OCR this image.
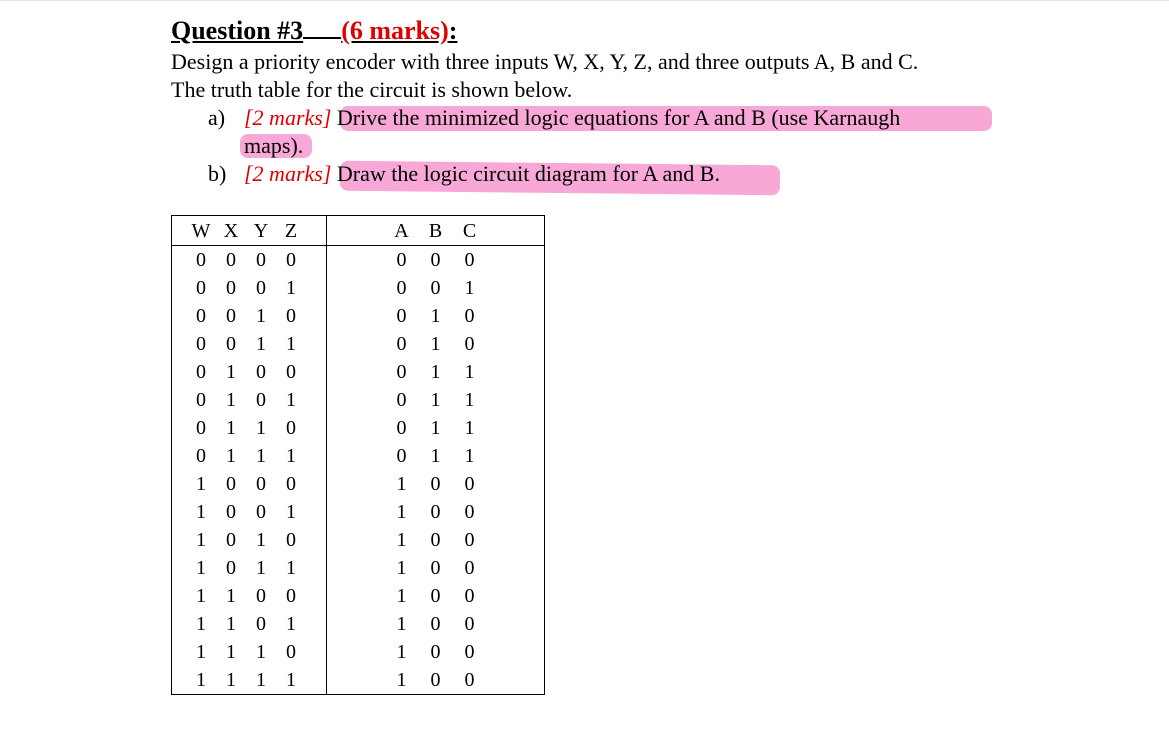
Question #3 (6 marks):
Design a priority encoder with three inputs W, X, Y, Z, and three outputs A, B and C.
The truth table for the circuit is shown below.
a) [2 marks] Drive the minimized logic equations for A and B (use Karnaugh
maps).
b) [2 marks] Draw the logic circuit diagram for A and B.
W X Y Z	A B C

0 0 0 0	0 0 0

0 0 0 1	0 0 1

0 0 1 0	0 1 0

0 0 1 1	0 1 0

0 1 0 0	0 1 1

0 1 0 1	0 1 1

0 1 1 0	0 1 1

0 1 1 1	0 1 1

1 0 0 0	1 0 0

1 0 0 1	1 0 0

1 0 1 0	1 0 0

1 0 1 1	1 0 0

1 1 0 0	1 0 0

1 1 0 1	1 0 0

1 1 1 0	1 0 0

1 1 1 1	1 0 0
